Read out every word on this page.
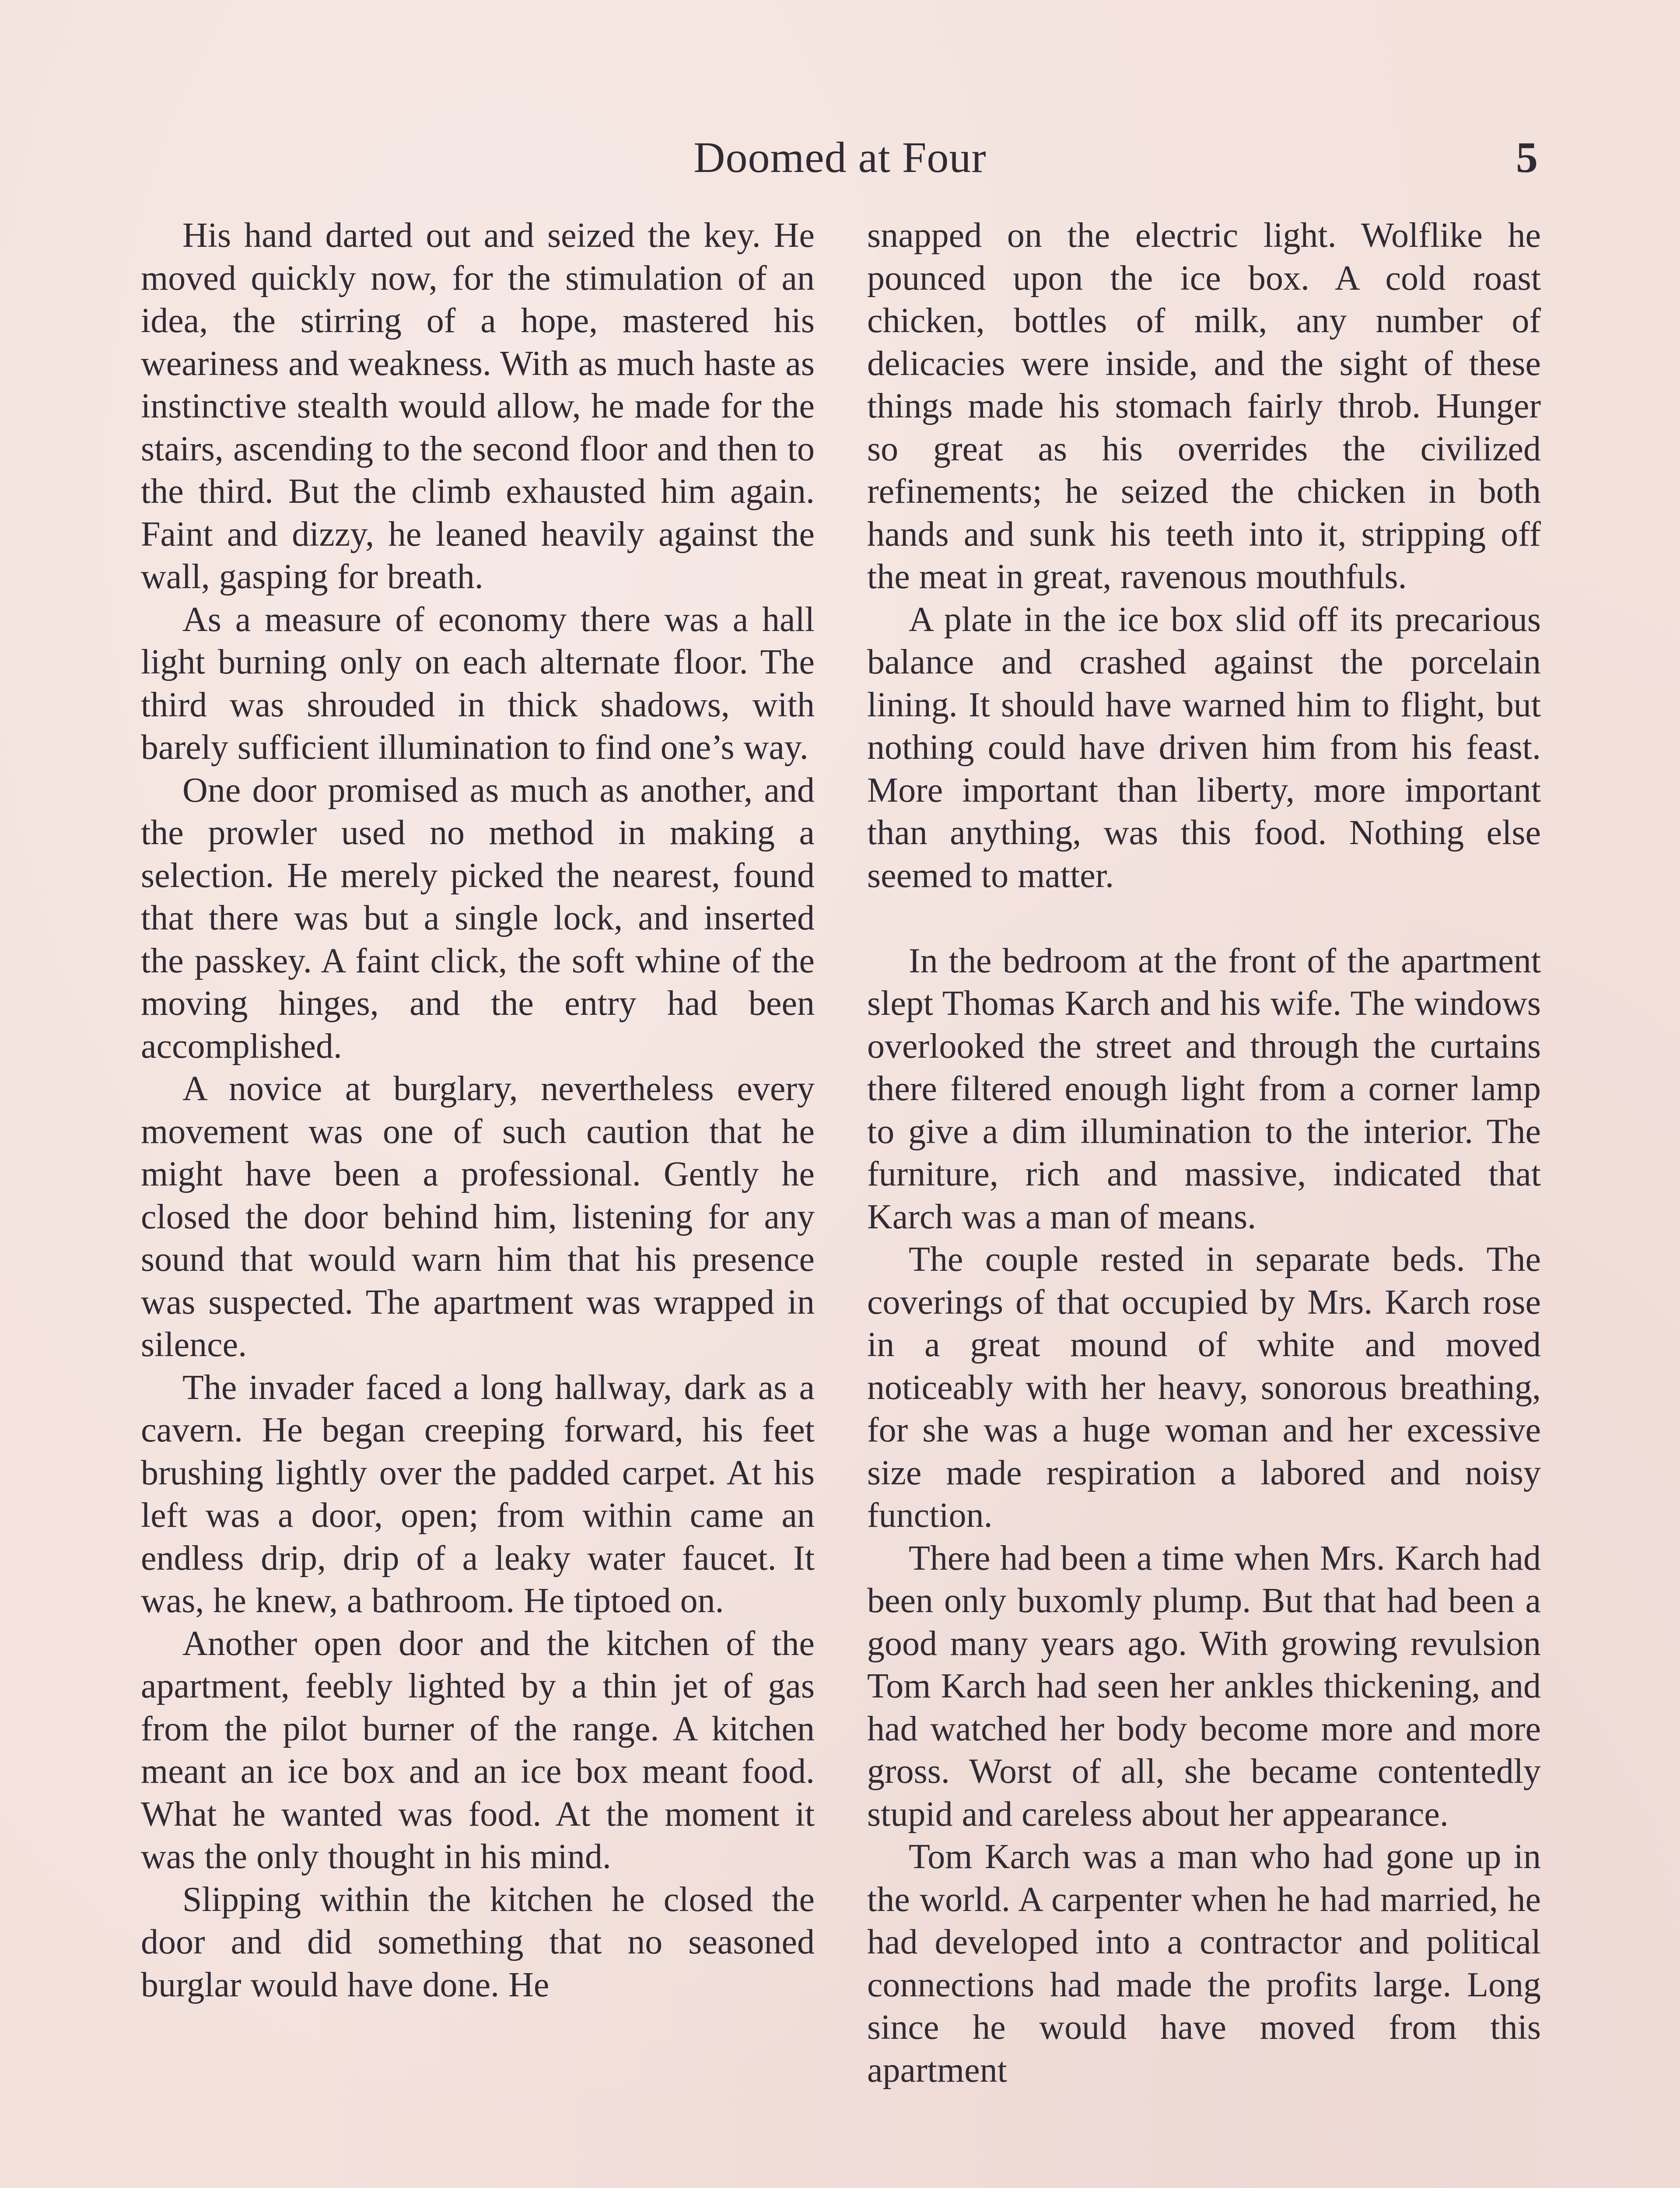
Doomed at Four	5

His hand darted out and seized the key. He moved quickly now, for the stimulation of an idea, the stirring of a hope, mastered his weariness and weakness. With as much haste as instinctive stealth would allow, he made for the stairs, ascending to the second floor and then to the third. But the climb exhausted him again. Faint and dizzy, he leaned heavily against the wall, gasping for breath.

As a measure of economy there was a hall light burning only on each alternate floor. The third was shrouded in thick shadows, with barely sufficient illumination to find one’s way.

One door promised as much as another, and the prowler used no method in making a selection. He merely picked the nearest, found that there was but a single lock, and inserted the passkey. A faint click, the soft whine of the moving hinges, and the entry had been accomplished.

A novice at burglary, nevertheless every movement was one of such caution that he might have been a professional. Gently he closed the door behind him, listening for any sound that would warn him that his presence was suspected. The apartment was wrapped in silence.

The invader faced a long hallway, dark as a cavern. He began creeping forward, his feet brushing lightly over the padded carpet. At his left was a door, open; from within came an endless drip, drip of a leaky water faucet. It was, he knew, a bathroom. He tiptoed on.

Another open door and the kitchen of the apartment, feebly lighted by a thin jet of gas from the pilot burner of the range. A kitchen meant an ice box and an ice box meant food. What he wanted was food. At the moment it was the only thought in his mind.

Slipping within the kitchen he closed the door and did something that no seasoned burglar would have done. He

snapped on the electric light. Wolflike he pounced upon the ice box. A cold roast chicken, bottles of milk, any number of delicacies were inside, and the sight of these things made his stomach fairly throb. Hunger so great as his overrides the civilized refinements; he seized the chicken in both hands and sunk his teeth into it, stripping off the meat in great, ravenous mouthfuls.

A plate in the ice box slid off its precarious balance and crashed against the porcelain lining. It should have warned him to flight, but nothing could have driven him from his feast. More important than liberty, more important than anything, was this food. Nothing else seemed to matter.

In the bedroom at the front of the apartment slept Thomas Karch and his wife. The windows overlooked the street and through the curtains there filtered enough light from a corner lamp to give a dim illumination to the interior. The furniture, rich and massive, indicated that Karch was a man of means.

The couple rested in separate beds. The coverings of that occupied by Mrs. Karch rose in a great mound of white and moved noticeably with her heavy, sonorous breathing, for she was a huge woman and her excessive size made respiration a labored and noisy function.

There had been a time when Mrs. Karch had been only buxomly plump. But that had been a good many years ago. With growing revulsion Tom Karch had seen her ankles thickening, and had watched her body become more and more gross. Worst of all, she became contentedly stupid and careless about her appearance.

Tom Karch was a man who had gone up in the world. A carpenter when he had married, he had developed into a contractor and political connections had made the profits large. Long since he would have moved from this apartment
